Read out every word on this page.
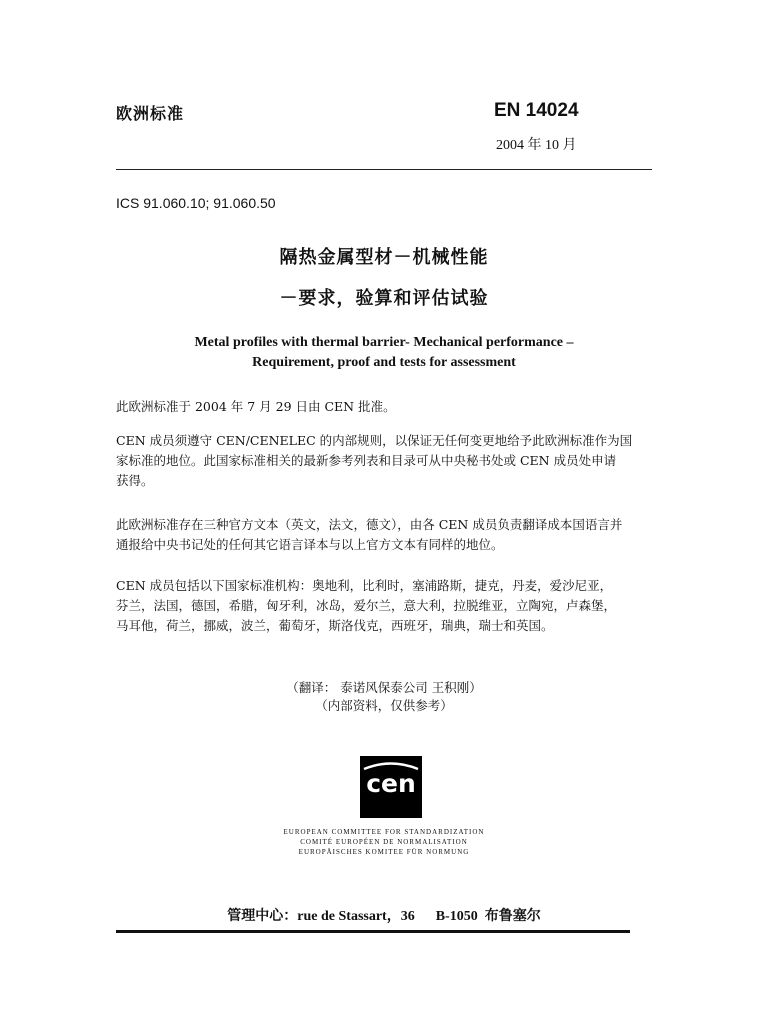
欧洲标准	EN 14024
2004 年 10 月
ICS 91.060.10; 91.060.50
隔热金属型材－机械性能
－要求，验算和评估试验
Metal profiles with thermal barrier- Mechanical performance –
Requirement, proof and tests for assessment
此欧洲标准于 2004 年 7 月 29 日由 CEN 批准。
CEN 成员须遵守 CEN/CENELEC 的内部规则，以保证无任何变更地给予此欧洲标准作为国
家标准的地位。此国家标准相关的最新参考列表和目录可从中央秘书处或 CEN 成员处申请
获得。
此欧洲标准存在三种官方文本（英文，法文，德文），由各 CEN 成员负责翻译成本国语言并
通报给中央书记处的任何其它语言译本与以上官方文本有同样的地位。
CEN 成员包括以下国家标准机构：奥地利，比利时，塞浦路斯，捷克，丹麦，爱沙尼亚，
芬兰，法国，德国，希腊，匈牙利，冰岛，爱尔兰，意大利，拉脱维亚，立陶宛，卢森堡，
马耳他，荷兰，挪威，波兰，葡萄牙，斯洛伐克，西班牙，瑞典，瑞士和英国。
（翻译： 泰诺风保泰公司 王积刚）
（内部资料，仅供参考）
cen
EUROPEAN COMMITTEE FOR STANDARDIZATION
COMITÉ EUROPÉEN DE NORMALISATION
EUROPÄISCHES KOMITEE FÜR NORMUNG
管理中心：rue de Stassart，36      B-1050  布鲁塞尔
